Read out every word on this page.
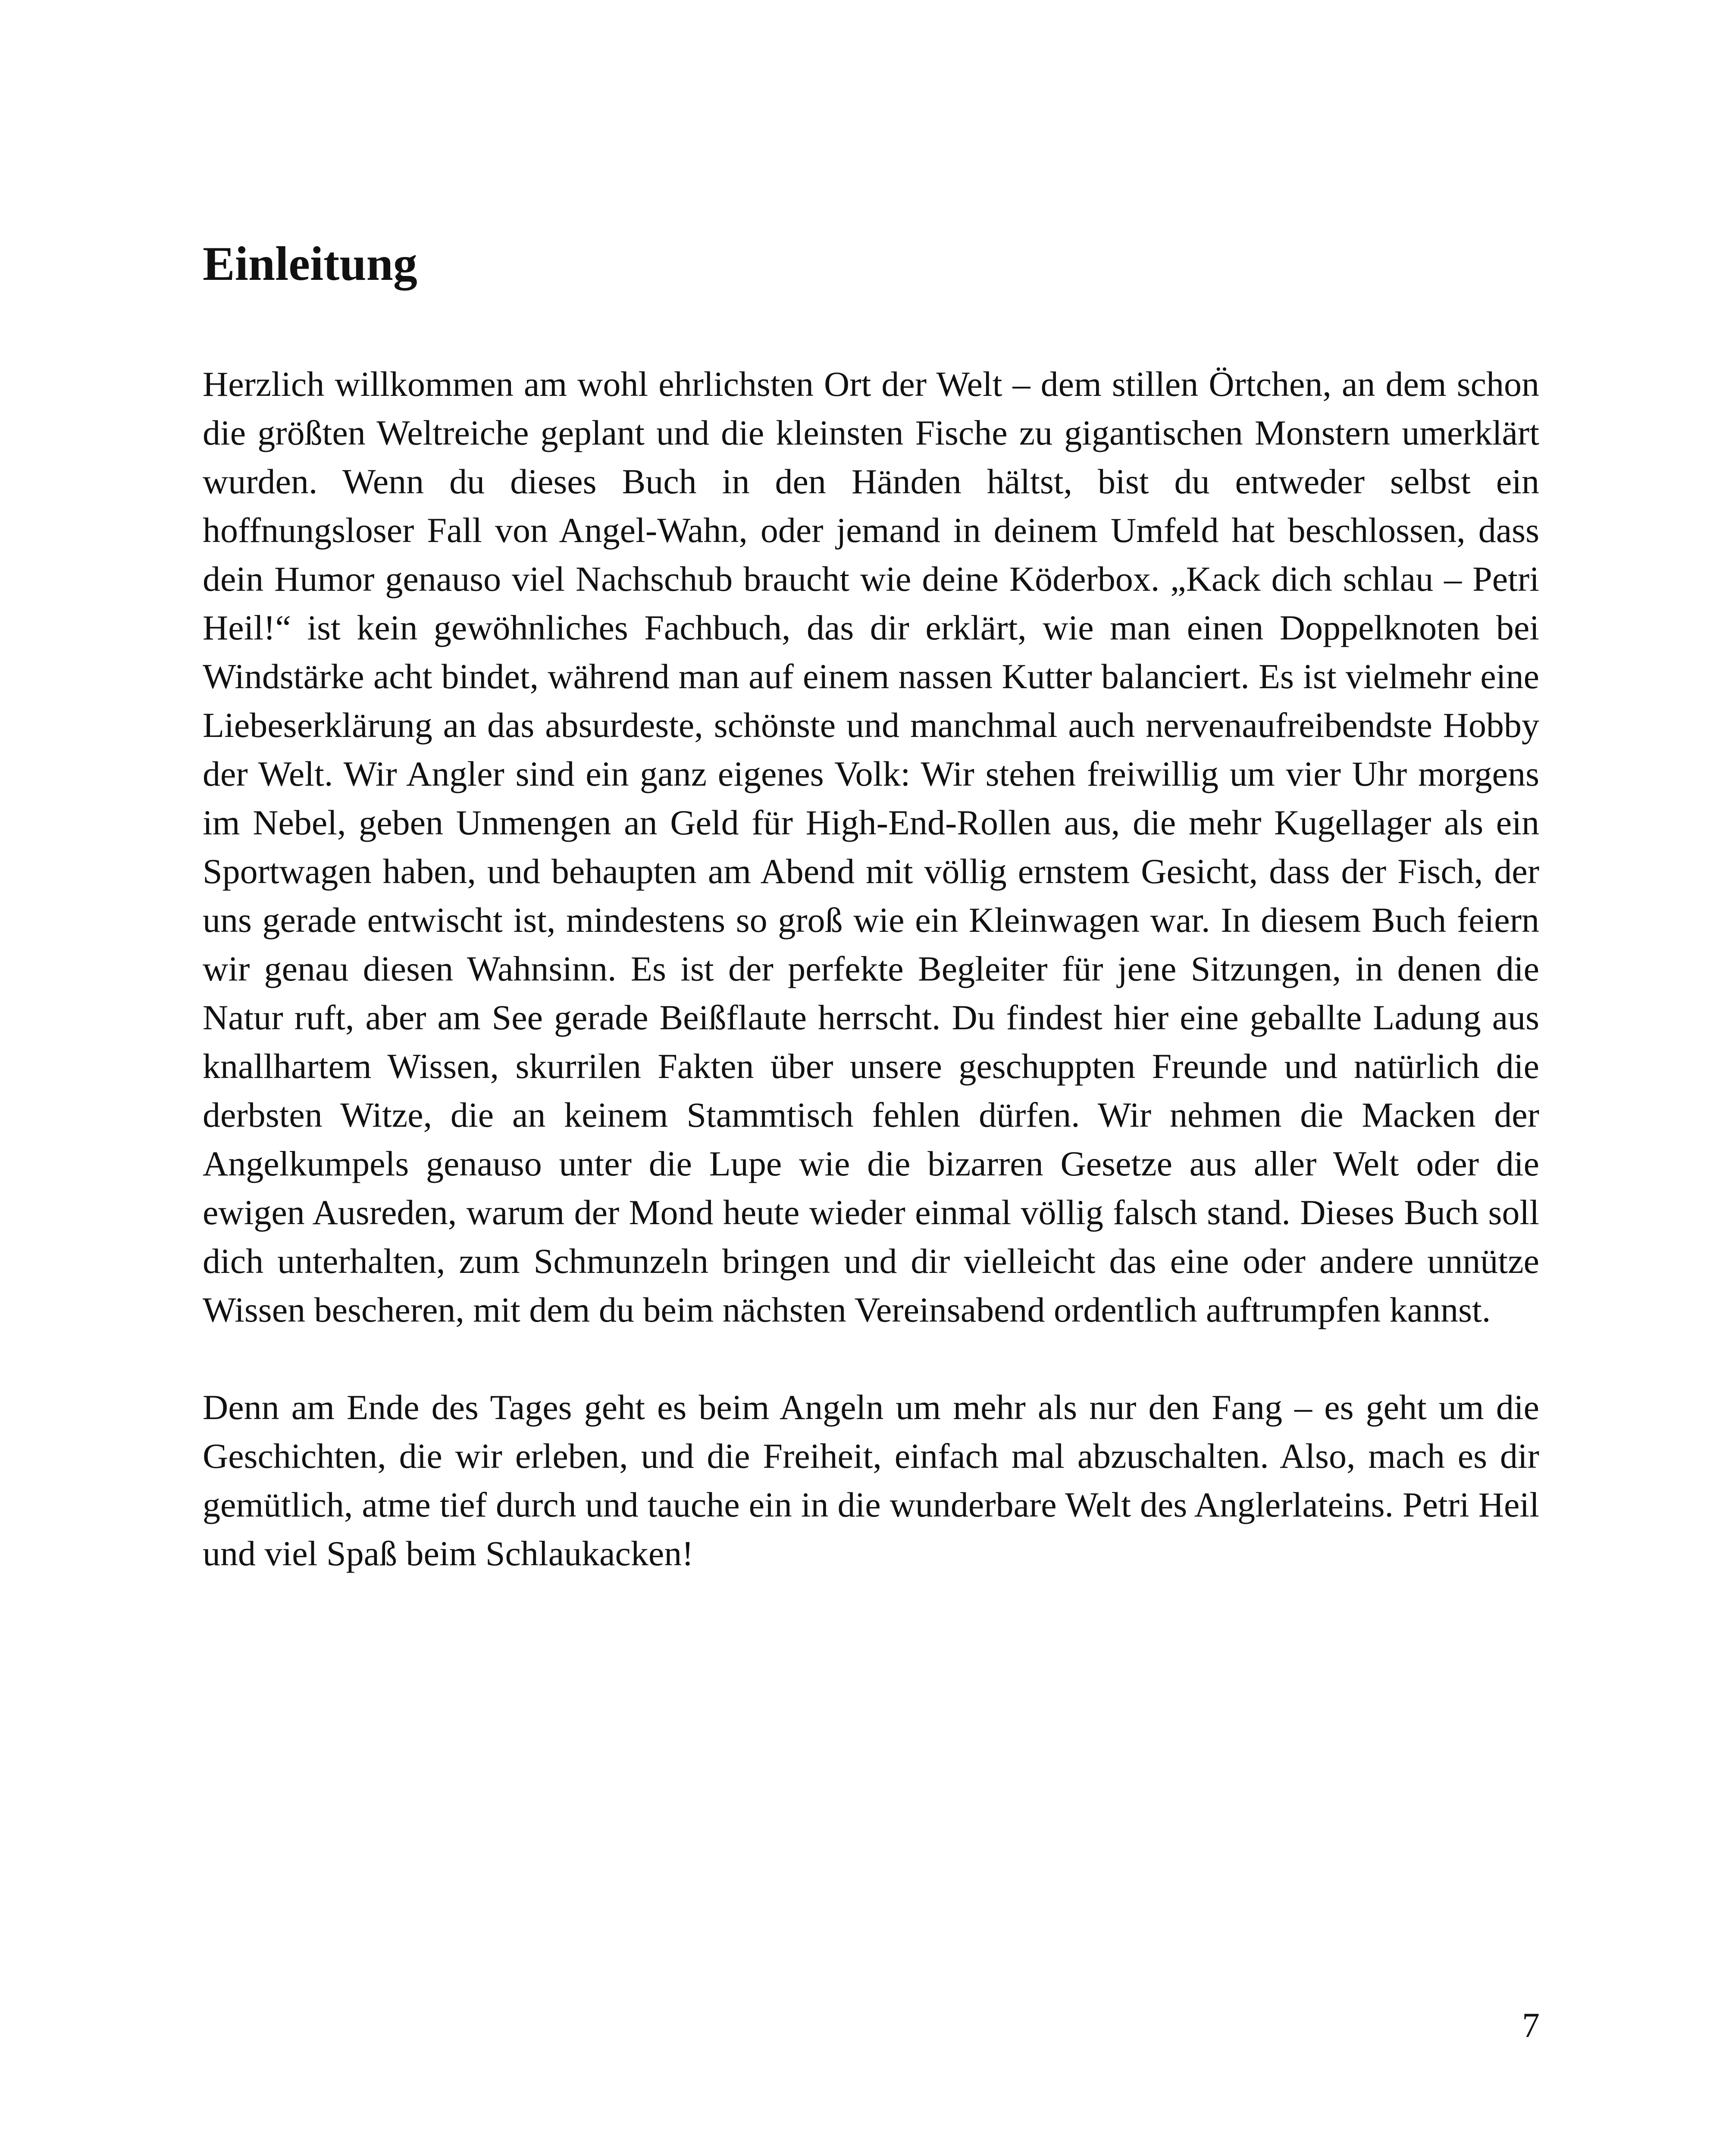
Einleitung

Herzlich willkommen am wohl ehrlichsten Ort der Welt – dem stillen Örtchen, an dem schon die größten Weltreiche geplant und die kleinsten Fische zu gigantischen Monstern umerklärt wurden. Wenn du dieses Buch in den Händen hältst, bist du entweder selbst ein hoffnungsloser Fall von Angel-Wahn, oder jemand in deinem Umfeld hat beschlossen, dass dein Humor genauso viel Nachschub braucht wie deine Köderbox. „Kack dich schlau – Petri Heil!“ ist kein gewöhnliches Fachbuch, das dir erklärt, wie man einen Doppelknoten bei Windstärke acht bindet, während man auf einem nassen Kutter balanciert. Es ist vielmehr eine Liebeserklärung an das absurdeste, schönste und manchmal auch nervenaufreibendste Hobby der Welt. Wir Angler sind ein ganz eigenes Volk: Wir stehen freiwillig um vier Uhr morgens im Nebel, geben Unmengen an Geld für High-End-Rollen aus, die mehr Kugellager als ein Sportwagen haben, und behaupten am Abend mit völlig ernstem Gesicht, dass der Fisch, der uns gerade entwischt ist, mindestens so groß wie ein Kleinwagen war. In diesem Buch feiern wir genau diesen Wahnsinn. Es ist der perfekte Begleiter für jene Sitzungen, in denen die Natur ruft, aber am See gerade Beißflaute herrscht. Du findest hier eine geballte Ladung aus knallhartem Wissen, skurrilen Fakten über unsere geschuppten Freunde und natürlich die derbsten Witze, die an keinem Stammtisch fehlen dürfen. Wir nehmen die Macken der Angelkumpels genauso unter die Lupe wie die bizarren Gesetze aus aller Welt oder die ewigen Ausreden, warum der Mond heute wieder einmal völlig falsch stand. Dieses Buch soll dich unterhalten, zum Schmunzeln bringen und dir vielleicht das eine oder andere unnütze Wissen bescheren, mit dem du beim nächsten Vereinsabend ordentlich auftrumpfen kannst.

Denn am Ende des Tages geht es beim Angeln um mehr als nur den Fang – es geht um die Geschichten, die wir erleben, und die Freiheit, einfach mal abzuschalten. Also, mach es dir gemütlich, atme tief durch und tauche ein in die wunderbare Welt des Anglerlateins. Petri Heil und viel Spaß beim Schlaukacken!

7
